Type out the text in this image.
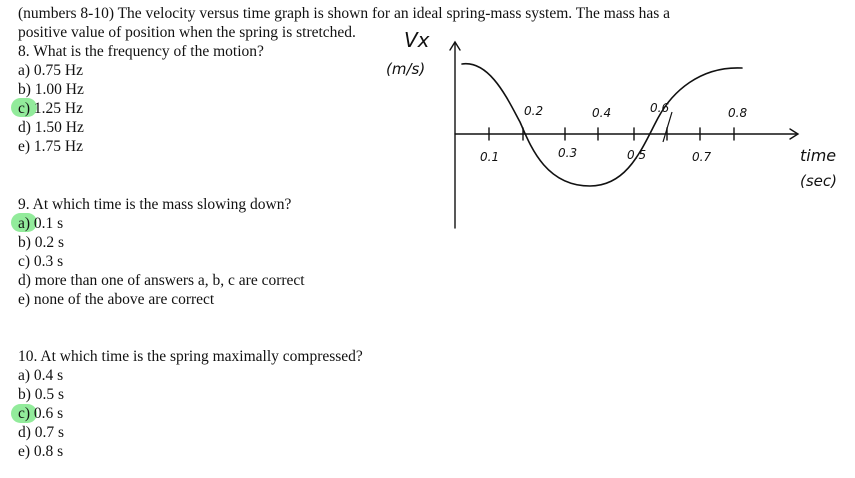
(numbers 8-10) The velocity versus time graph is shown for an ideal spring-mass system. The mass has a
positive value of position when the spring is stretched.
8. What is the frequency of the motion?
a) 0.75 Hz
b) 1.00 Hz
c) 1.25 Hz
d) 1.50 Hz
e) 1.75 Hz
9. At which time is the mass slowing down?
a) 0.1 s
b) 0.2 s
c) 0.3 s
d) more than one of answers a, b, c are correct
e) none of the above are correct
10. At which time is the spring maximally compressed?
a) 0.4 s
b) 0.5 s
c) 0.6 s
d) 0.7 s
e) 0.8 s
Vx
(m/s)
time
(sec)
0.2	0.4	0.6	0.8
0.1	0.3	0.5	0.7
